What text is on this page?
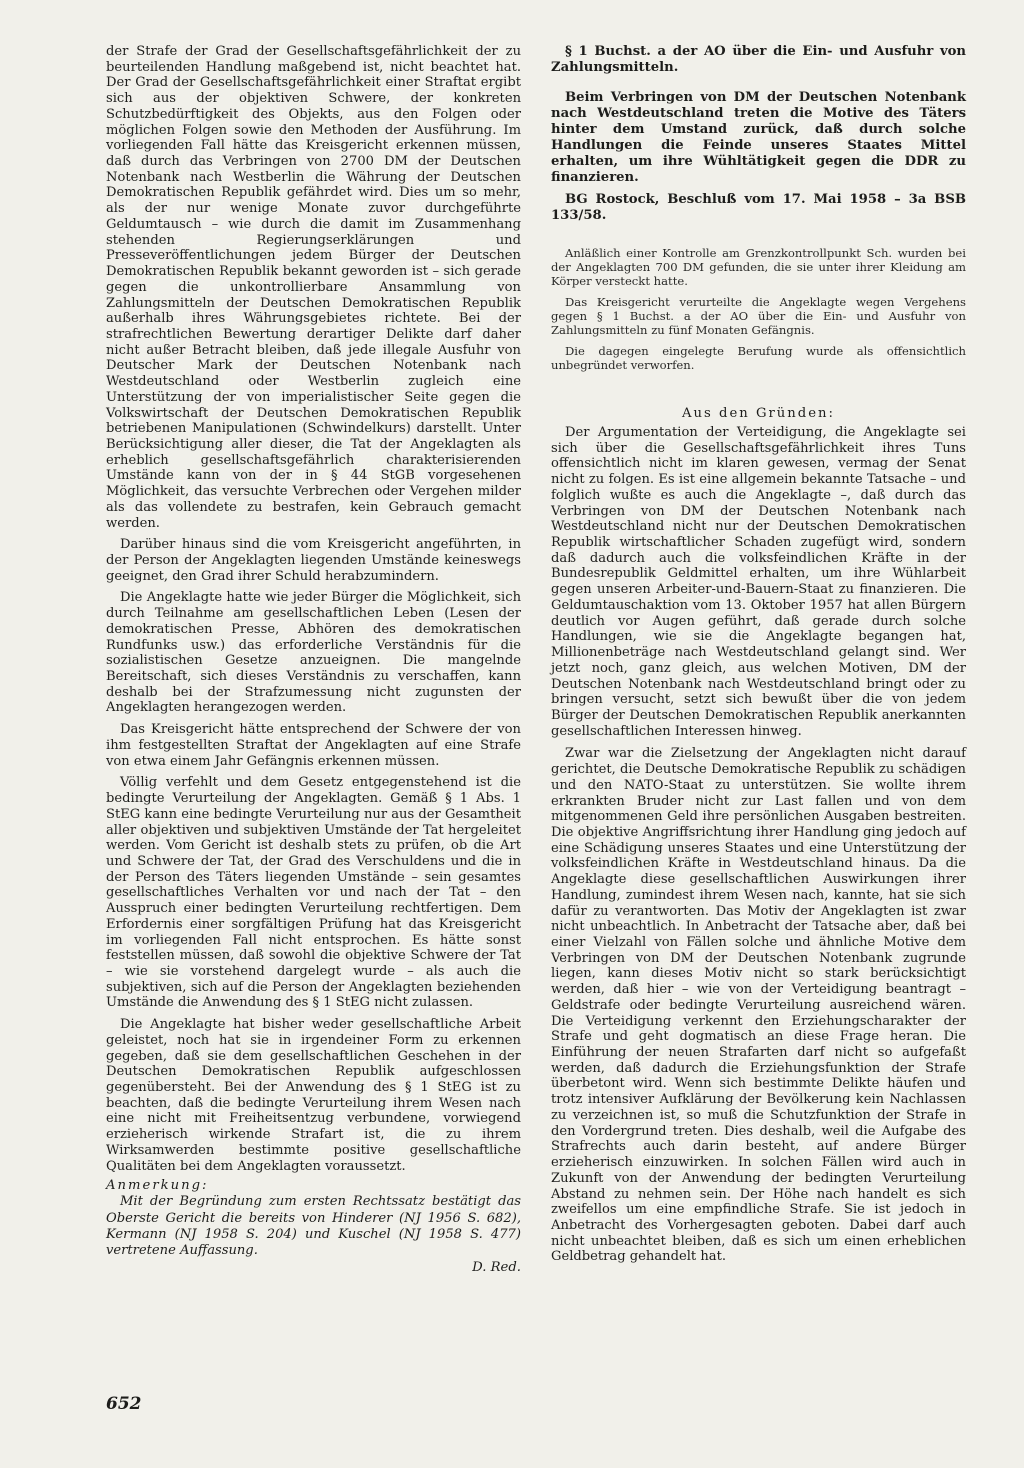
der Strafe der Grad der Gesellschaftsgefährlichkeit der zu beurteilenden Handlung maßgebend ist, nicht beachtet hat. Der Grad der Gesellschaftsgefährlichkeit einer Straftat ergibt sich aus der objektiven Schwere, der konkreten Schutzbedürftigkeit des Objekts, aus den Folgen oder möglichen Folgen sowie den Methoden der Ausführung. Im vorliegenden Fall hätte das Kreisgericht erkennen müssen, daß durch das Verbringen von 2700 DM der Deutschen Notenbank nach Westberlin die Währung der Deutschen Demokratischen Republik gefährdet wird. Dies um so mehr, als der nur wenige Monate zuvor durchgeführte Geldumtausch – wie durch die damit im Zusammenhang stehenden Regierungserklärungen und Presseveröffentlichungen jedem Bürger der Deutschen Demokratischen Republik bekannt geworden ist – sich gerade gegen die unkontrollierbare Ansammlung von Zahlungsmitteln der Deutschen Demokratischen Republik außerhalb ihres Währungsgebietes richtete. Bei der strafrechtlichen Bewertung derartiger Delikte darf daher nicht außer Betracht bleiben, daß jede illegale Ausfuhr von Deutscher Mark der Deutschen Notenbank nach Westdeutschland oder Westberlin zugleich eine Unterstützung der von imperialistischer Seite gegen die Volkswirtschaft der Deutschen Demokratischen Republik betriebenen Manipulationen (Schwindelkurs) darstellt. Unter Berücksichtigung aller dieser, die Tat der Angeklagten als erheblich gesellschaftsgefährlich charakterisierenden Umstände kann von der in § 44 StGB vorgesehenen Möglichkeit, das versuchte Verbrechen oder Vergehen milder als das vollendete zu bestrafen, kein Gebrauch gemacht werden.

Darüber hinaus sind die vom Kreisgericht angeführten, in der Person der Angeklagten liegenden Umstände keineswegs geeignet, den Grad ihrer Schuld herabzumindern.

Die Angeklagte hatte wie jeder Bürger die Möglichkeit, sich durch Teilnahme am gesellschaftlichen Leben (Lesen der demokratischen Presse, Abhören des demokratischen Rundfunks usw.) das erforderliche Verständnis für die sozialistischen Gesetze anzueignen. Die mangelnde Bereitschaft, sich dieses Verständnis zu verschaffen, kann deshalb bei der Strafzumessung nicht zugunsten der Angeklagten herangezogen werden.

Das Kreisgericht hätte entsprechend der Schwere der von ihm festgestellten Straftat der Angeklagten auf eine Strafe von etwa einem Jahr Gefängnis erkennen müssen.

Völlig verfehlt und dem Gesetz entgegenstehend ist die bedingte Verurteilung der Angeklagten. Gemäß § 1 Abs. 1 StEG kann eine bedingte Verurteilung nur aus der Gesamtheit aller objektiven und subjektiven Umstände der Tat hergeleitet werden. Vom Gericht ist deshalb stets zu prüfen, ob die Art und Schwere der Tat, der Grad des Verschuldens und die in der Person des Täters liegenden Umstände – sein gesamtes gesellschaftliches Verhalten vor und nach der Tat – den Ausspruch einer bedingten Verurteilung rechtfertigen. Dem Erfordernis einer sorgfältigen Prüfung hat das Kreisgericht im vorliegenden Fall nicht entsprochen. Es hätte sonst feststellen müssen, daß sowohl die objektive Schwere der Tat – wie sie vorstehend dargelegt wurde – als auch die subjektiven, sich auf die Person der Angeklagten beziehenden Umstände die Anwendung des § 1 StEG nicht zulassen.

Die Angeklagte hat bisher weder gesellschaftliche Arbeit geleistet, noch hat sie in irgendeiner Form zu erkennen gegeben, daß sie dem gesellschaftlichen Geschehen in der Deutschen Demokratischen Republik aufgeschlossen gegenübersteht. Bei der Anwendung des § 1 StEG ist zu beachten, daß die bedingte Verurteilung ihrem Wesen nach eine nicht mit Freiheitsentzug verbundene, vorwiegend erzieherisch wirkende Strafart ist, die zu ihrem Wirksamwerden bestimmte positive gesellschaftliche Qualitäten bei dem Angeklagten voraussetzt.

Anmerkung:

Mit der Begründung zum ersten Rechtssatz bestätigt das Oberste Gericht die bereits von Hinderer (NJ 1956 S. 682), Kermann (NJ 1958 S. 204) und Kuschel (NJ 1958 S. 477) vertretene Auffassung.

D. Red.

§ 1 Buchst. a der AO über die Ein- und Ausfuhr von Zahlungsmitteln.

Beim Verbringen von DM der Deutschen Notenbank nach Westdeutschland treten die Motive des Täters hinter dem Umstand zurück, daß durch solche Handlungen die Feinde unseres Staates Mittel erhalten, um ihre Wühltätigkeit gegen die DDR zu finanzieren.

BG Rostock, Beschluß vom 17. Mai 1958 – 3a BSB 133/58.

Anläßlich einer Kontrolle am Grenzkontrollpunkt Sch. wurden bei der Angeklagten 700 DM gefunden, die sie unter ihrer Kleidung am Körper versteckt hatte.

Das Kreisgericht verurteilte die Angeklagte wegen Vergehens gegen § 1 Buchst. a der AO über die Ein- und Ausfuhr von Zahlungsmitteln zu fünf Monaten Gefängnis.

Die dagegen eingelegte Berufung wurde als offensichtlich unbegründet verworfen.

Aus den Gründen:

Der Argumentation der Verteidigung, die Angeklagte sei sich über die Gesellschaftsgefährlichkeit ihres Tuns offensichtlich nicht im klaren gewesen, vermag der Senat nicht zu folgen. Es ist eine allgemein bekannte Tatsache – und folglich wußte es auch die Angeklagte –, daß durch das Verbringen von DM der Deutschen Notenbank nach Westdeutschland nicht nur der Deutschen Demokratischen Republik wirtschaftlicher Schaden zugefügt wird, sondern daß dadurch auch die volksfeindlichen Kräfte in der Bundesrepublik Geldmittel erhalten, um ihre Wühlarbeit gegen unseren Arbeiter-und-Bauern-Staat zu finanzieren. Die Geldumtauschaktion vom 13. Oktober 1957 hat allen Bürgern deutlich vor Augen geführt, daß gerade durch solche Handlungen, wie sie die Angeklagte begangen hat, Millionenbeträge nach Westdeutschland gelangt sind. Wer jetzt noch, ganz gleich, aus welchen Motiven, DM der Deutschen Notenbank nach Westdeutschland bringt oder zu bringen versucht, setzt sich bewußt über die von jedem Bürger der Deutschen Demokratischen Republik anerkannten gesellschaftlichen Interessen hinweg.

Zwar war die Zielsetzung der Angeklagten nicht darauf gerichtet, die Deutsche Demokratische Republik zu schädigen und den NATO-Staat zu unterstützen. Sie wollte ihrem erkrankten Bruder nicht zur Last fallen und von dem mitgenommenen Geld ihre persönlichen Ausgaben bestreiten. Die objektive Angriffsrichtung ihrer Handlung ging jedoch auf eine Schädigung unseres Staates und eine Unterstützung der volksfeindlichen Kräfte in Westdeutschland hinaus. Da die Angeklagte diese gesellschaftlichen Auswirkungen ihrer Handlung, zumindest ihrem Wesen nach, kannte, hat sie sich dafür zu verantworten. Das Motiv der Angeklagten ist zwar nicht unbeachtlich. In Anbetracht der Tatsache aber, daß bei einer Vielzahl von Fällen solche und ähnliche Motive dem Verbringen von DM der Deutschen Notenbank zugrunde liegen, kann dieses Motiv nicht so stark berücksichtigt werden, daß hier – wie von der Verteidigung beantragt – Geldstrafe oder bedingte Verurteilung ausreichend wären. Die Verteidigung verkennt den Erziehungscharakter der Strafe und geht dogmatisch an diese Frage heran. Die Einführung der neuen Strafarten darf nicht so aufgefaßt werden, daß dadurch die Erziehungsfunktion der Strafe überbetont wird. Wenn sich bestimmte Delikte häufen und trotz intensiver Aufklärung der Bevölkerung kein Nachlassen zu verzeichnen ist, so muß die Schutzfunktion der Strafe in den Vordergrund treten. Dies deshalb, weil die Aufgabe des Strafrechts auch darin besteht, auf andere Bürger erzieherisch einzuwirken. In solchen Fällen wird auch in Zukunft von der Anwendung der bedingten Verurteilung Abstand zu nehmen sein. Der Höhe nach handelt es sich zweifellos um eine empfindliche Strafe. Sie ist jedoch in Anbetracht des Vorhergesagten geboten. Dabei darf auch nicht unbeachtet bleiben, daß es sich um einen erheblichen Geldbetrag gehandelt hat.

652
